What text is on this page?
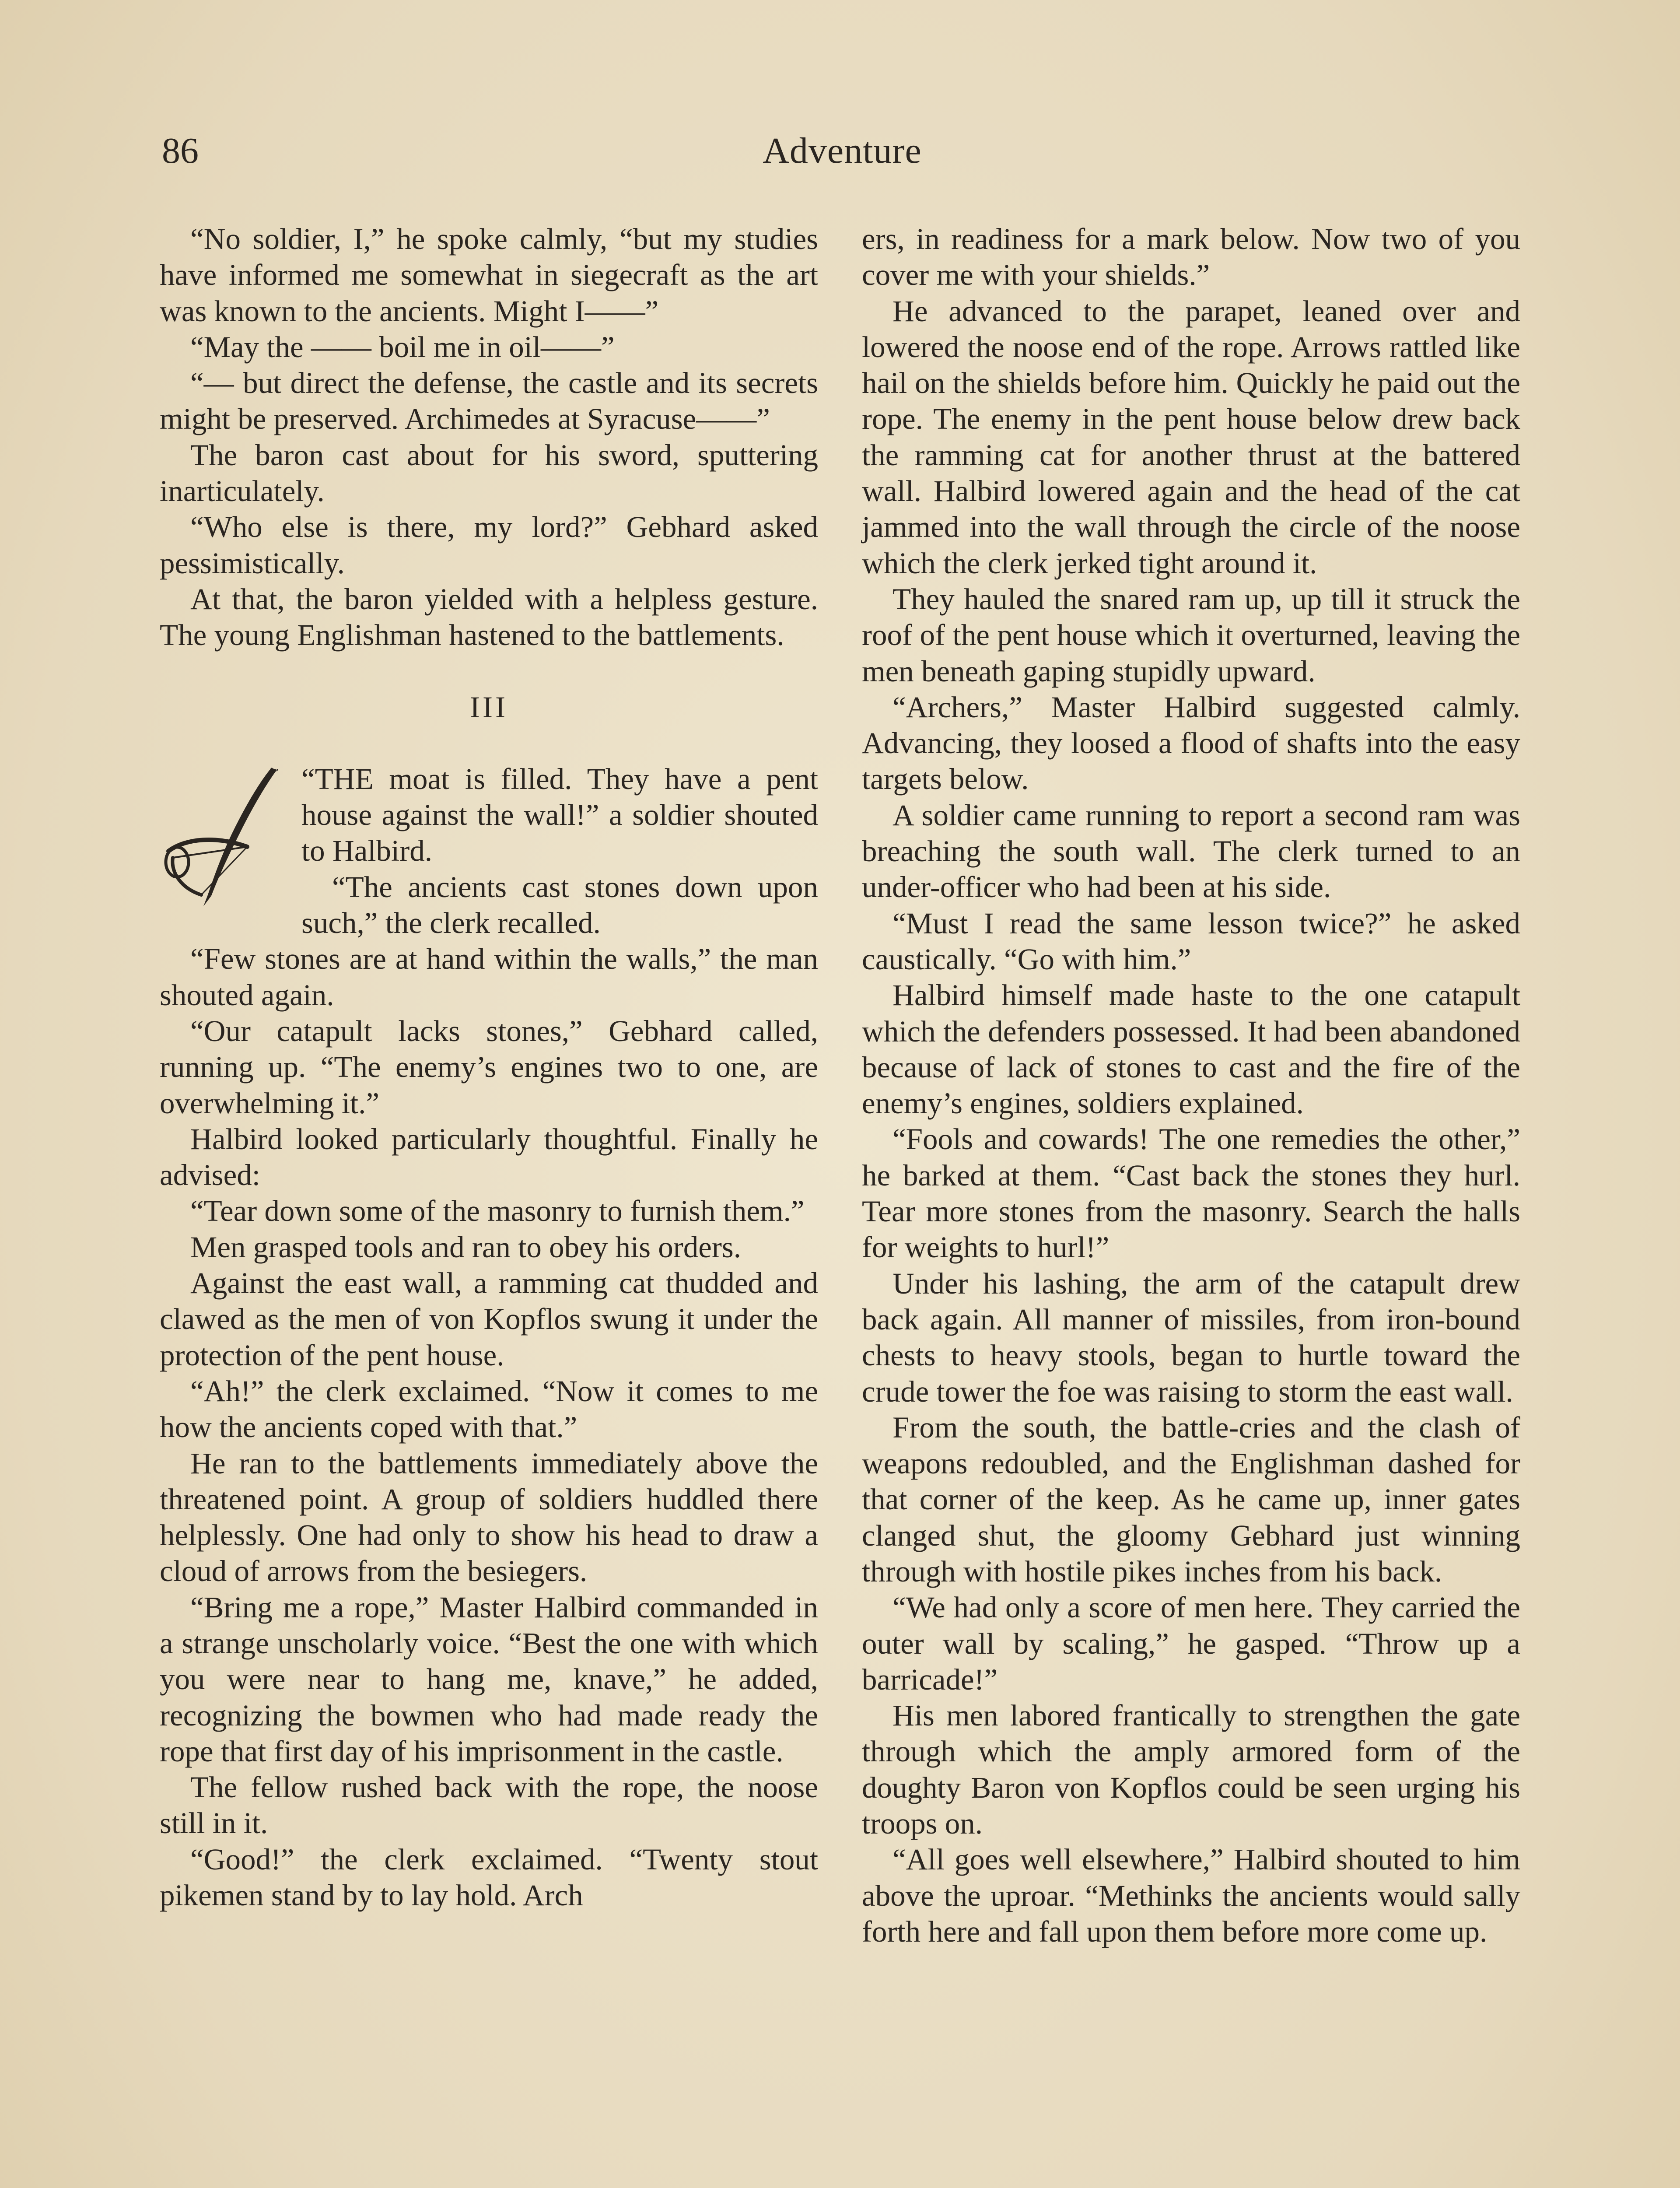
86	Adventure

“No soldier, I,” he spoke calmly, “but my studies have informed me somewhat in siegecraft as the art was known to the ancients. Might I——”

“May the —— boil me in oil——”

“— but direct the defense, the castle and its secrets might be preserved. Archimedes at Syracuse——”

The baron cast about for his sword, sputtering inarticulately.

“Who else is there, my lord?” Gebhard asked pessimistically.

At that, the baron yielded with a helpless gesture. The young Englishman hastened to the battlements.

III

“THE moat is filled. They have a pent house against the wall!” a soldier shouted to Halbird.

“The ancients cast stones down upon such,” the clerk recalled.

“Few stones are at hand within the walls,” the man shouted again.

“Our catapult lacks stones,” Gebhard called, running up. “The enemy’s engines two to one, are overwhelming it.”

Halbird looked particularly thoughtful. Finally he advised:

“Tear down some of the masonry to furnish them.”

Men grasped tools and ran to obey his orders.

Against the east wall, a ramming cat thudded and clawed as the men of von Kopflos swung it under the protection of the pent house.

“Ah!” the clerk exclaimed. “Now it comes to me how the ancients coped with that.”

He ran to the battlements immediately above the threatened point. A group of soldiers huddled there helplessly. One had only to show his head to draw a cloud of arrows from the besiegers.

“Bring me a rope,” Master Halbird commanded in a strange unscholarly voice. “Best the one with which you were near to hang me, knave,” he added, recognizing the bowmen who had made ready the rope that first day of his imprisonment in the castle.

The fellow rushed back with the rope, the noose still in it.

“Good!” the clerk exclaimed. “Twenty stout pikemen stand by to lay hold. Arch

ers, in readiness for a mark below. Now two of you cover me with your shields.”

He advanced to the parapet, leaned over and lowered the noose end of the rope. Arrows rattled like hail on the shields before him. Quickly he paid out the rope. The enemy in the pent house below drew back the ramming cat for another thrust at the battered wall. Halbird lowered again and the head of the cat jammed into the wall through the circle of the noose which the clerk jerked tight around it.

They hauled the snared ram up, up till it struck the roof of the pent house which it overturned, leaving the men beneath gaping stupidly upward.

“Archers,” Master Halbird suggested calmly. Advancing, they loosed a flood of shafts into the easy targets below.

A soldier came running to report a second ram was breaching the south wall. The clerk turned to an under-officer who had been at his side.

“Must I read the same lesson twice?” he asked caustically. “Go with him.”

Halbird himself made haste to the one catapult which the defenders possessed. It had been abandoned because of lack of stones to cast and the fire of the enemy’s engines, soldiers explained.

“Fools and cowards! The one remedies the other,” he barked at them. “Cast back the stones they hurl. Tear more stones from the masonry. Search the halls for weights to hurl!”

Under his lashing, the arm of the catapult drew back again. All manner of missiles, from iron-bound chests to heavy stools, began to hurtle toward the crude tower the foe was raising to storm the east wall.

From the south, the battle-cries and the clash of weapons redoubled, and the Englishman dashed for that corner of the keep. As he came up, inner gates clanged shut, the gloomy Gebhard just winning through with hostile pikes inches from his back.

“We had only a score of men here. They carried the outer wall by scaling,” he gasped. “Throw up a barricade!”

His men labored frantically to strengthen the gate through which the amply armored form of the doughty Baron von Kopflos could be seen urging his troops on.

“All goes well elsewhere,” Halbird shouted to him above the uproar. “Methinks the ancients would sally forth here and fall upon them before more come up.
